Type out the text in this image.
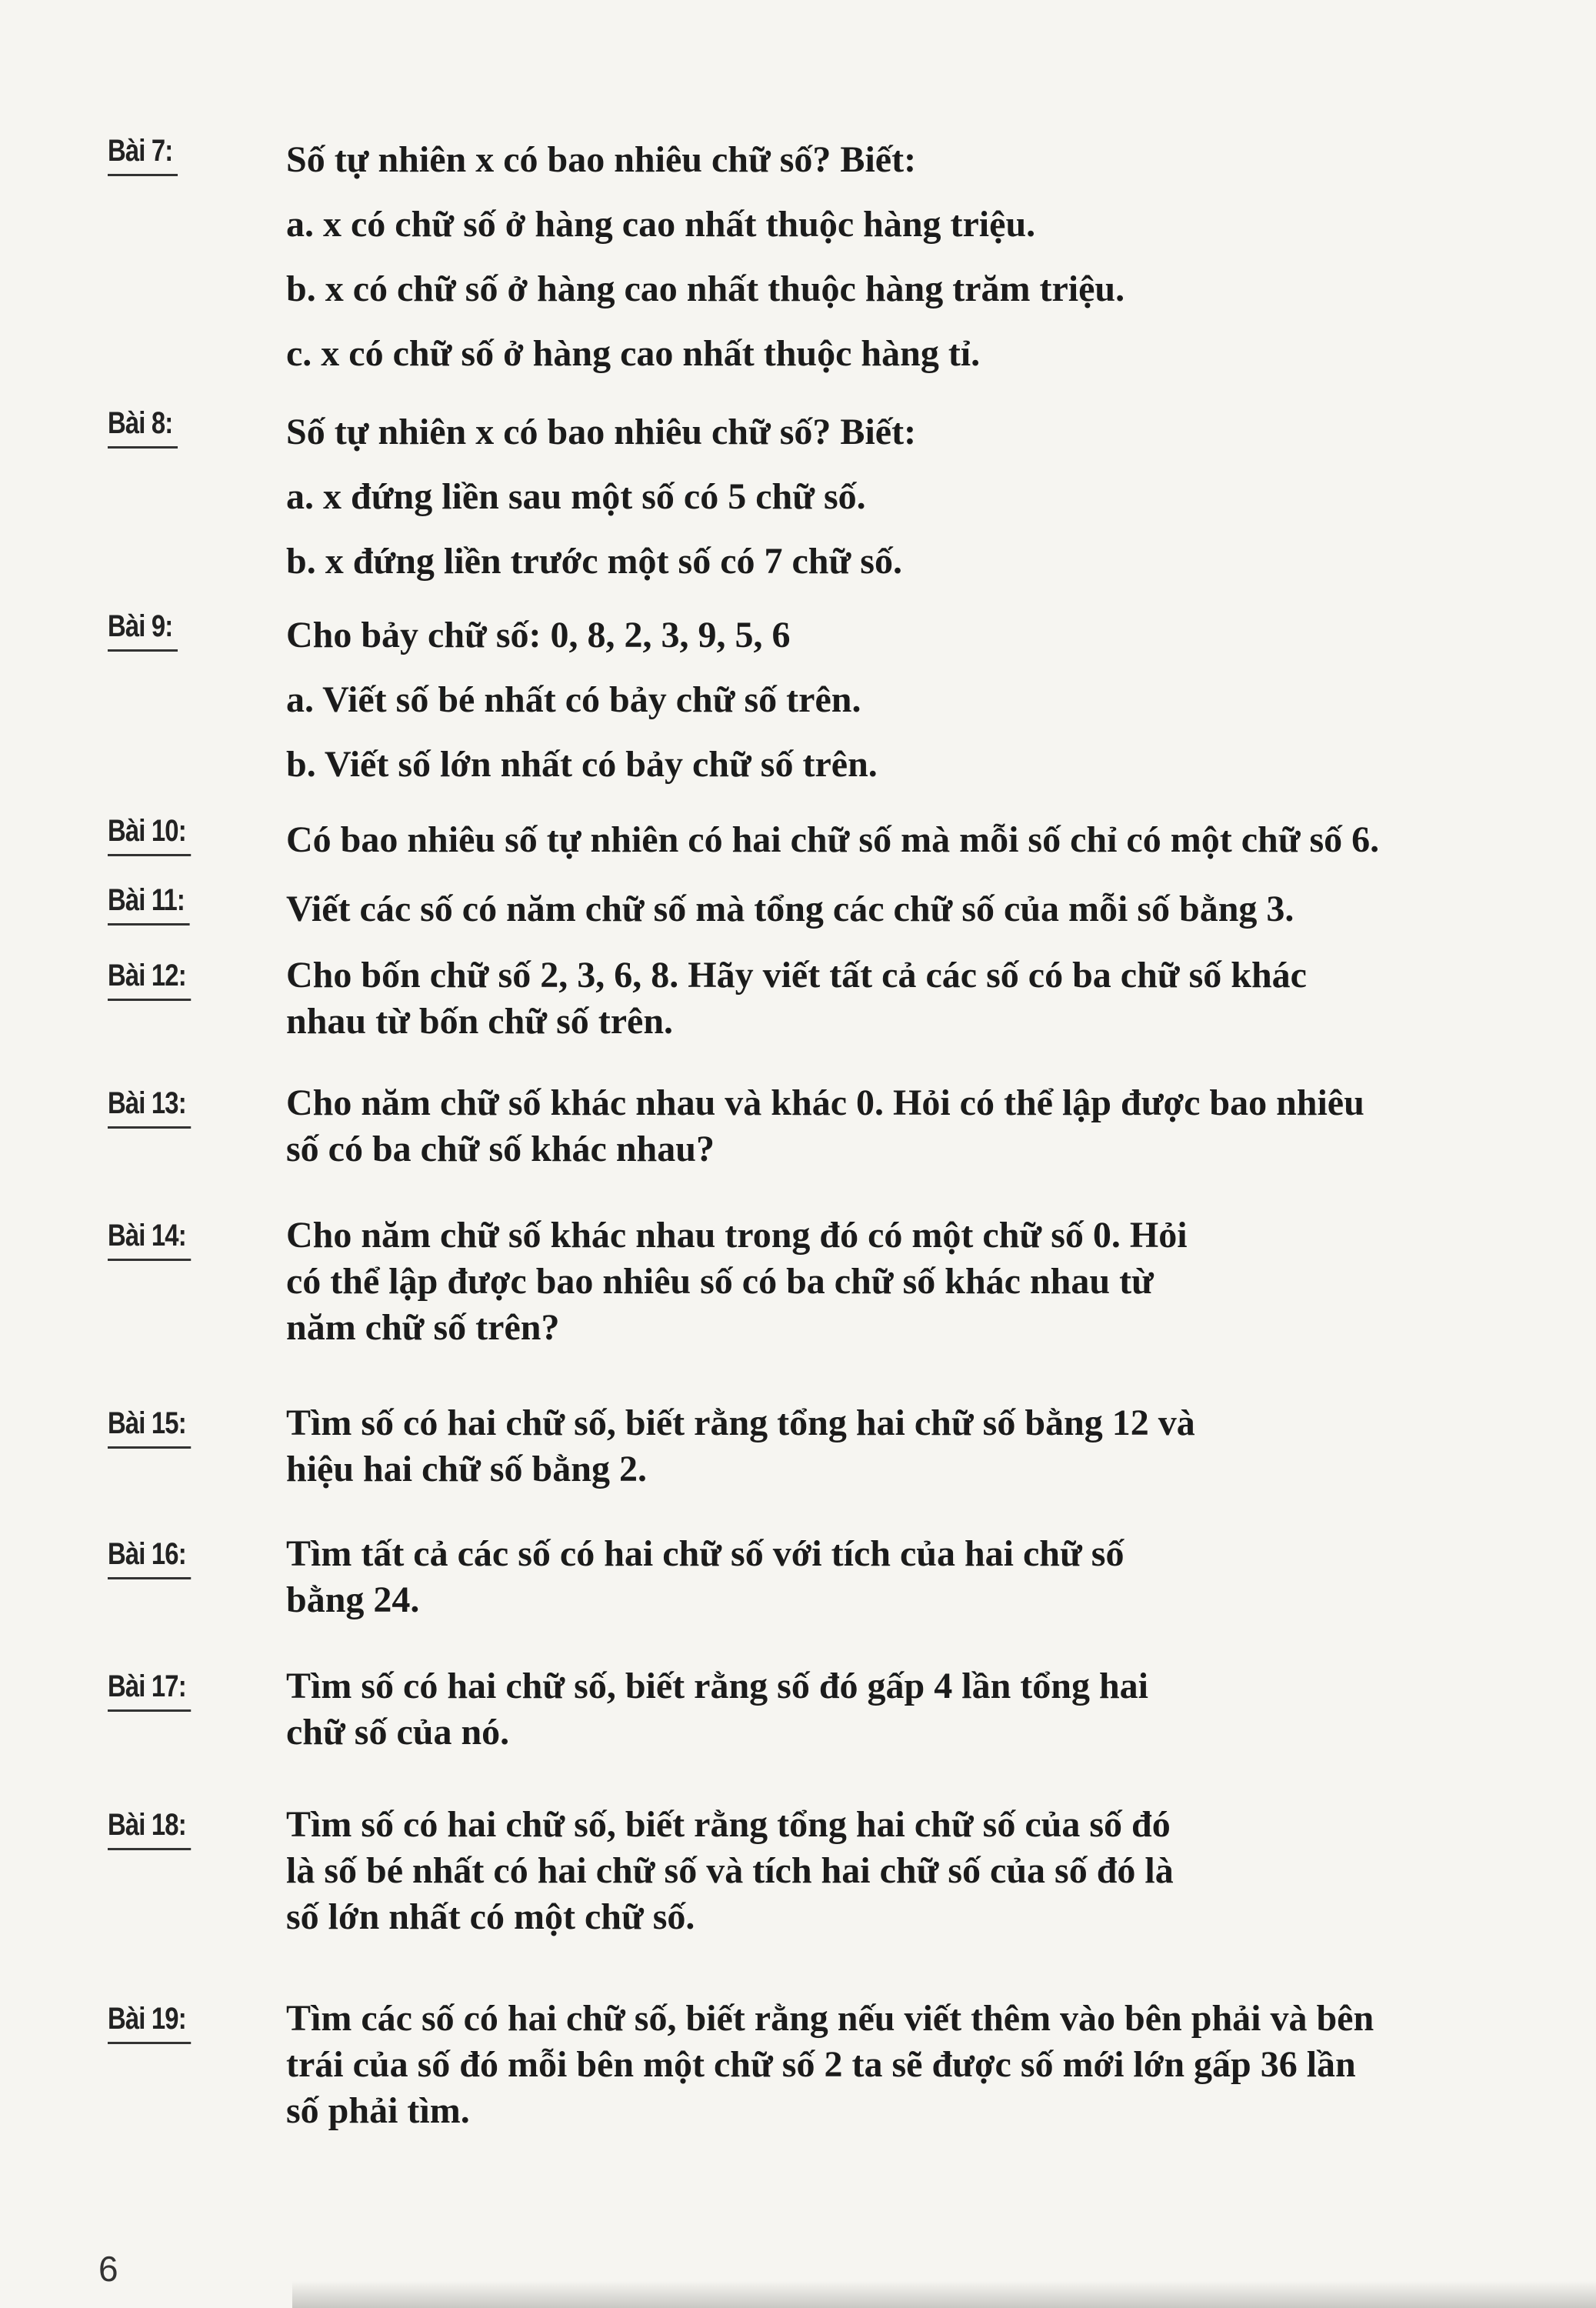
Bài 7:	Số tự nhiên x có bao nhiêu chữ số? Biết:
a. x có chữ số ở hàng cao nhất thuộc hàng triệu.
b. x có chữ số ở hàng cao nhất thuộc hàng trăm triệu.
c. x có chữ số ở hàng cao nhất thuộc hàng tỉ.
Bài 8:	Số tự nhiên x có bao nhiêu chữ số? Biết:
a. x đứng liền sau một số có 5 chữ số.
b. x đứng liền trước một số có 7 chữ số.
Bài 9:	Cho bảy chữ số: 0, 8, 2, 3, 9, 5, 6
a. Viết số bé nhất có bảy chữ số trên.
b. Viết số lớn nhất có bảy chữ số trên.
Bài 10:	Có bao nhiêu số tự nhiên có hai chữ số mà mỗi số chỉ có một chữ số 6.
Bài 11:	Viết các số có năm chữ số mà tổng các chữ số của mỗi số bằng 3.
Bài 12:	Cho bốn chữ số 2, 3, 6, 8. Hãy viết tất cả các số có ba chữ số khác
nhau từ bốn chữ số trên.
Bài 13:	Cho năm chữ số khác nhau và khác 0. Hỏi có thể lập được bao nhiêu
số có ba chữ số khác nhau?
Bài 14:	Cho năm chữ số khác nhau trong đó có một chữ số 0. Hỏi
có thể lập được bao nhiêu số có ba chữ số khác nhau từ
năm chữ số trên?
Bài 15:	Tìm số có hai chữ số, biết rằng tổng hai chữ số bằng 12 và
hiệu hai chữ số bằng 2.
Bài 16:	Tìm tất cả các số có hai chữ số với tích của hai chữ số
bằng 24.
Bài 17:	Tìm số có hai chữ số, biết rằng số đó gấp 4 lần tổng hai
chữ số của nó.
Bài 18:	Tìm số có hai chữ số, biết rằng tổng hai chữ số của số đó
là số bé nhất có hai chữ số và tích hai chữ số của số đó là
số lớn nhất có một chữ số.
Bài 19:	Tìm các số có hai chữ số, biết rằng nếu viết thêm vào bên phải và bên
trái của số đó mỗi bên một chữ số 2 ta sẽ được số mới lớn gấp 36 lần
số phải tìm.
6
